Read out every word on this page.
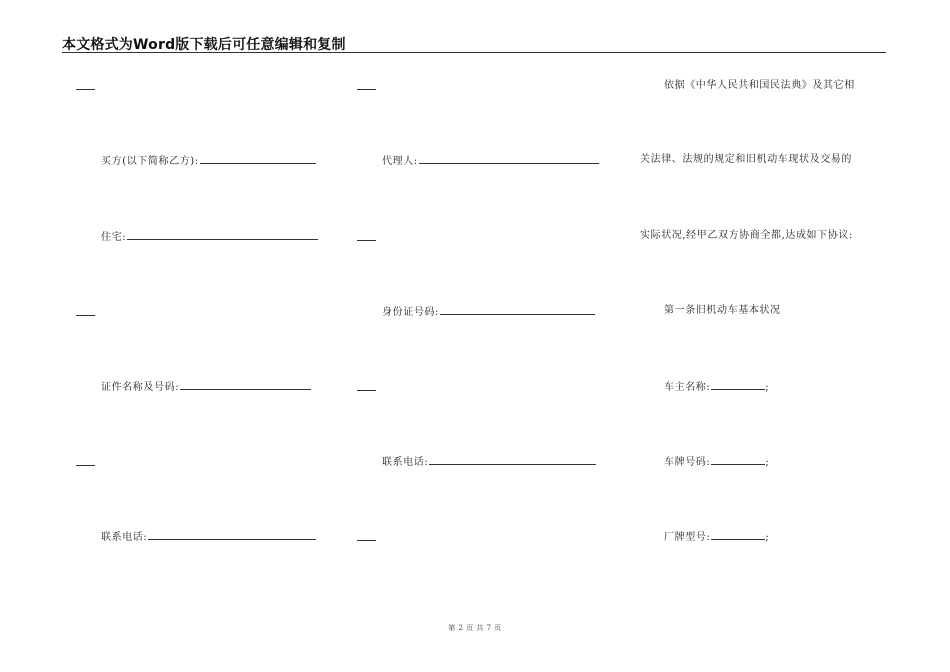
本文格式为Word版下载后可任意编辑和复制
买方(以下简称乙方):
住宅:
证件名称及号码:
联系电话:
代理人:
身份证号码:
联系电话:
依据《中华人民共和国民法典》及其它相
关法律、法规的规定和旧机动车现状及交易的
实际状况,经甲乙双方协商全都,达成如下协议:
第一条旧机动车基本状况
车主名称:	;
车牌号码:	;
厂牌型号:	;
第 2 页 共 7 页
